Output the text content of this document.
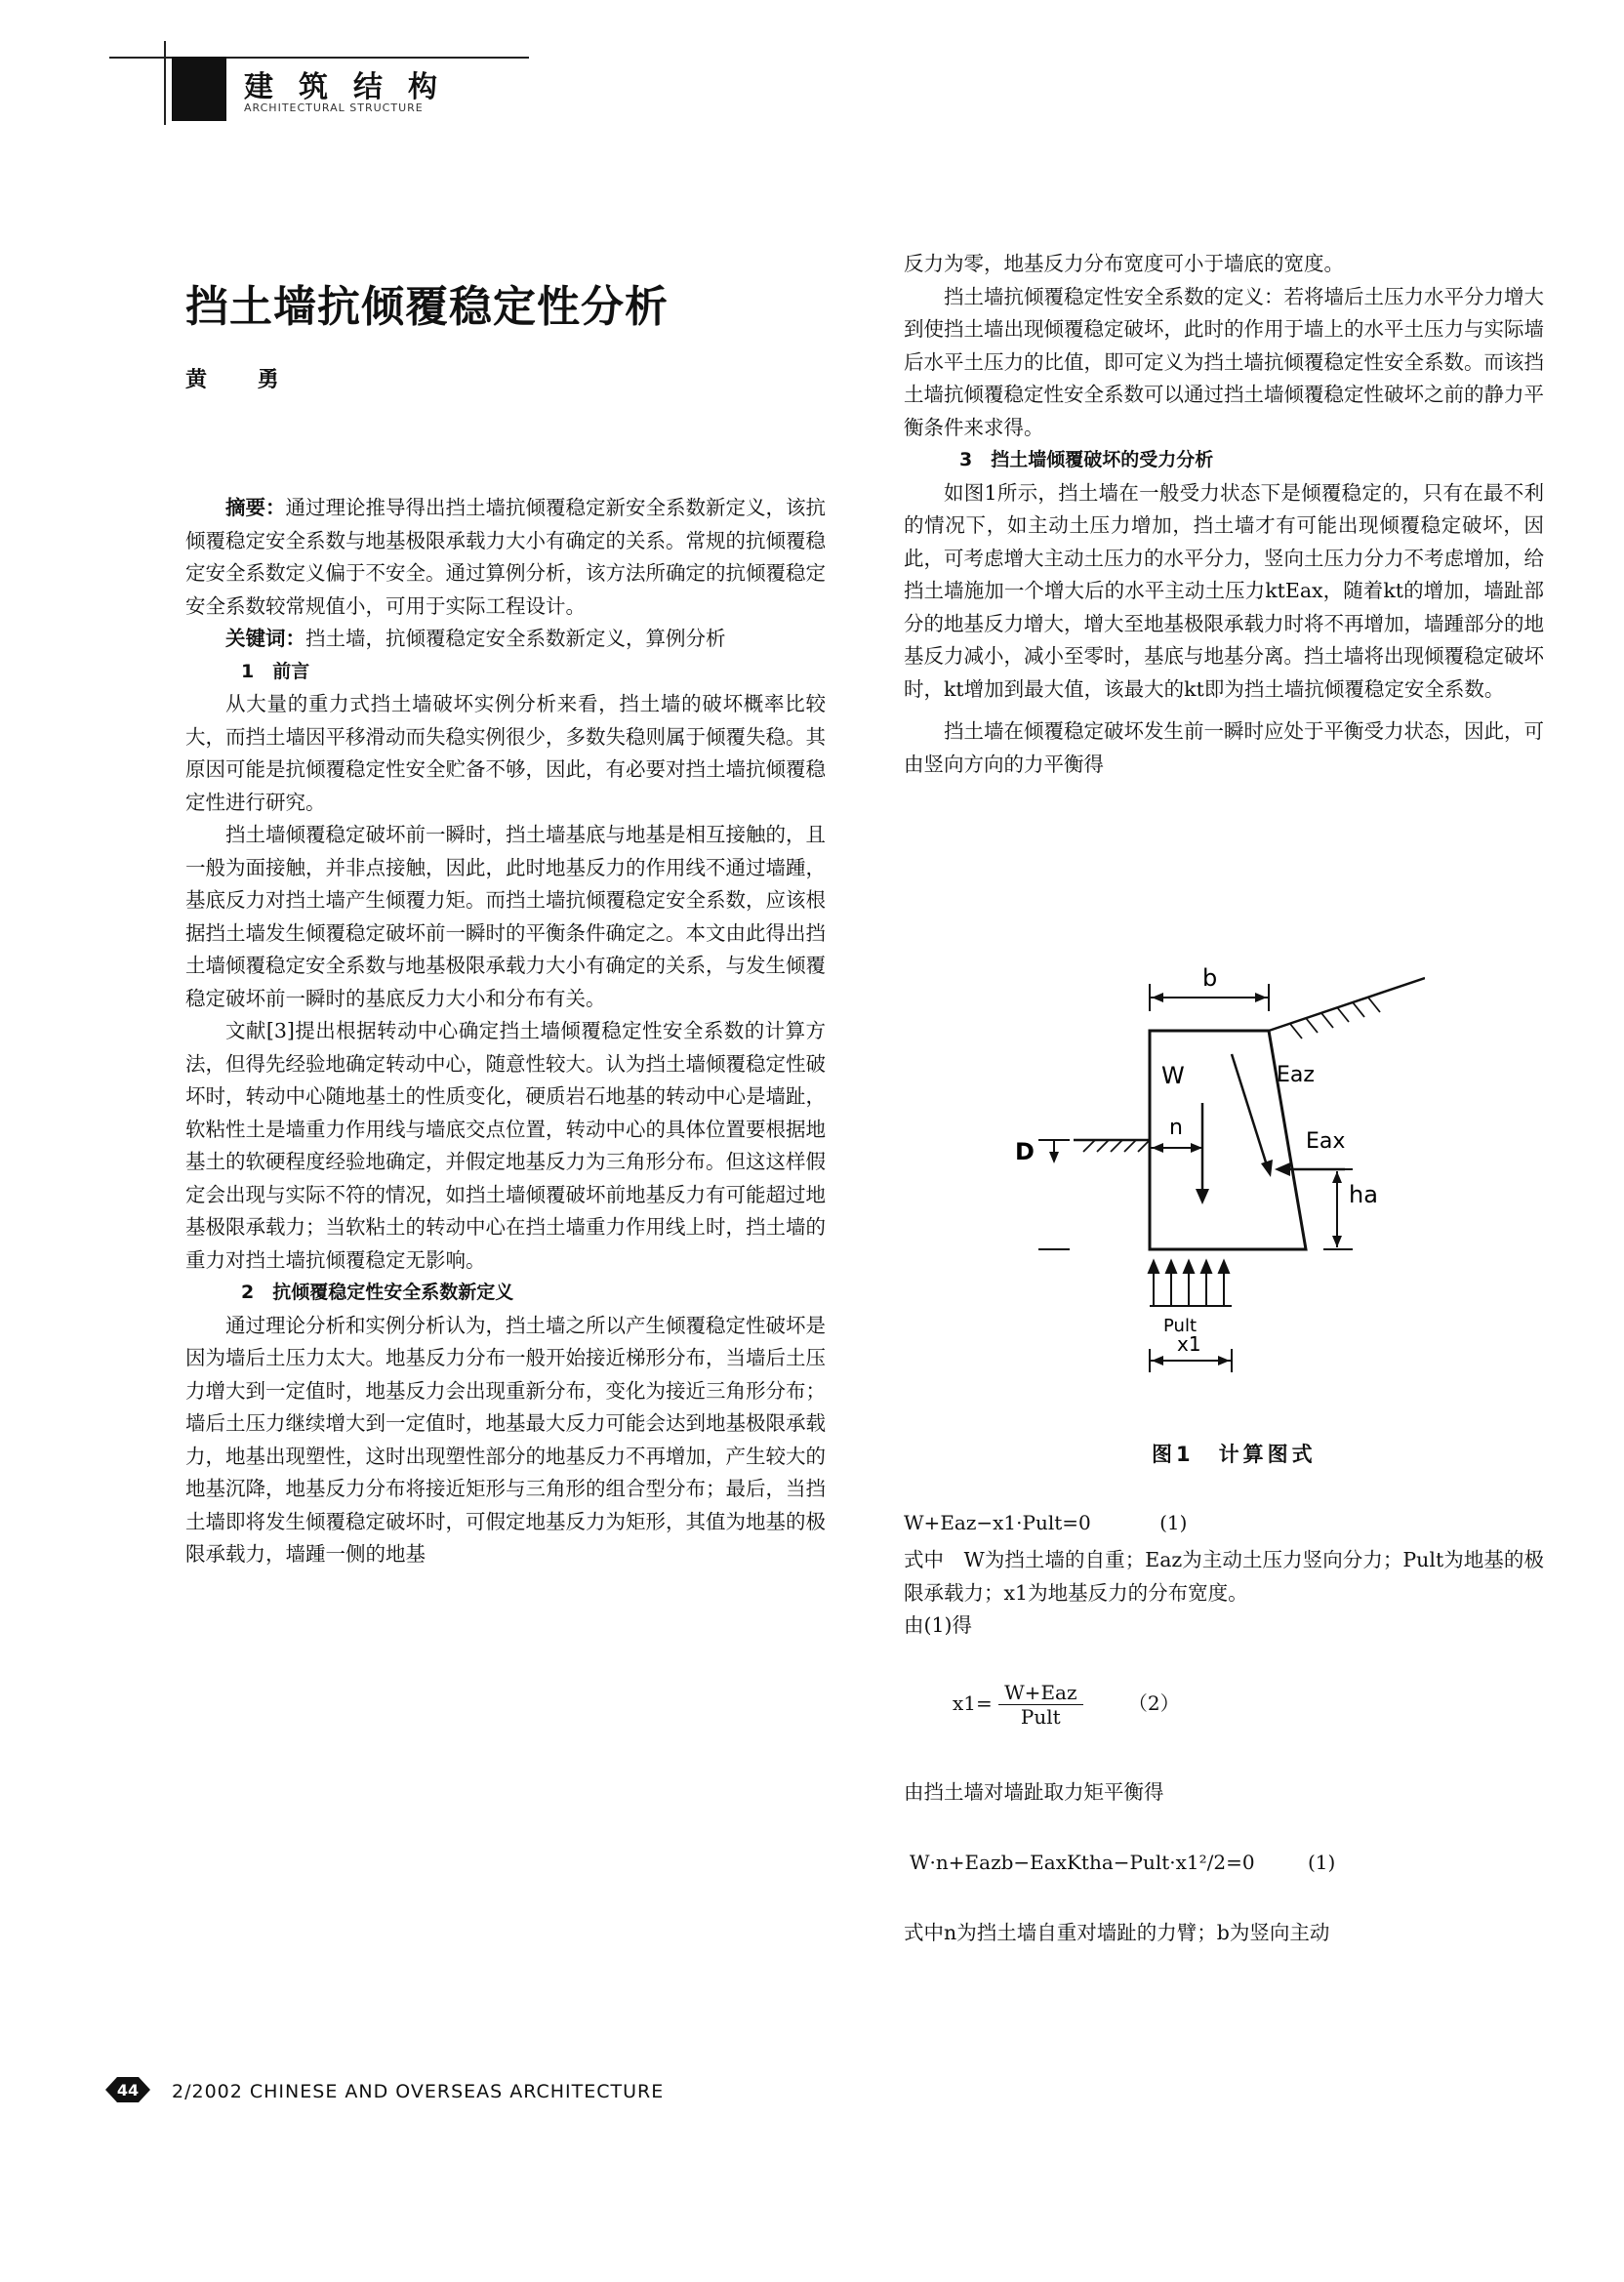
建筑结构
ARCHITECTURAL STRUCTURE
挡土墙抗倾覆稳定性分析
黄 勇

摘要：通过理论推导得出挡土墙抗倾覆稳定新安全系数新定义，该抗倾覆稳定安全系数与地基极限承载力大小有确定的关系。常规的抗倾覆稳定安全系数定义偏于不安全。通过算例分析，该方法所确定的抗倾覆稳定安全系数较常规值小，可用于实际工程设计。

关键词：挡土墙，抗倾覆稳定安全系数新定义，算例分析

1　前言

从大量的重力式挡土墙破坏实例分析来看，挡土墙的破坏概率比较大，而挡土墙因平移滑动而失稳实例很少，多数失稳则属于倾覆失稳。其原因可能是抗倾覆稳定性安全贮备不够，因此，有必要对挡土墙抗倾覆稳定性进行研究。

挡土墙倾覆稳定破坏前一瞬时，挡土墙基底与地基是相互接触的，且一般为面接触，并非点接触，因此，此时地基反力的作用线不通过墙踵，基底反力对挡土墙产生倾覆力矩。而挡土墙抗倾覆稳定安全系数，应该根据挡土墙发生倾覆稳定破坏前一瞬时的平衡条件确定之。本文由此得出挡土墙倾覆稳定安全系数与地基极限承载力大小有确定的关系，与发生倾覆稳定破坏前一瞬时的基底反力大小和分布有关。

文献[3]提出根据转动中心确定挡土墙倾覆稳定性安全系数的计算方法，但得先经验地确定转动中心，随意性较大。认为挡土墙倾覆稳定性破坏时，转动中心随地基土的性质变化，硬质岩石地基的转动中心是墙趾，软粘性土是墙重力作用线与墙底交点位置，转动中心的具体位置要根据地基土的软硬程度经验地确定，并假定地基反力为三角形分布。但这这样假定会出现与实际不符的情况，如挡土墙倾覆破坏前地基反力有可能超过地基极限承载力；当软粘土的转动中心在挡土墙重力作用线上时，挡土墙的重力对挡土墙抗倾覆稳定无影响。

2　抗倾覆稳定性安全系数新定义

通过理论分析和实例分析认为，挡土墙之所以产生倾覆稳定性破坏是因为墙后土压力太大。地基反力分布一般开始接近梯形分布，当墙后土压力增大到一定值时，地基反力会出现重新分布，变化为接近三角形分布；墙后土压力继续增大到一定值时，地基最大反力可能会达到地基极限承载力，地基出现塑性，这时出现塑性部分的地基反力不再增加，产生较大的地基沉降，地基反力分布将接近矩形与三角形的组合型分布；最后，当挡土墙即将发生倾覆稳定破坏时，可假定地基反力为矩形，其值为地基的极限承载力，墙踵一侧的地基

反力为零，地基反力分布宽度可小于墙底的宽度。

挡土墙抗倾覆稳定性安全系数的定义：若将墙后土压力水平分力增大到使挡土墙出现倾覆稳定破坏，此时的作用于墙上的水平土压力与实际墙后水平土压力的比值，即可定义为挡土墙抗倾覆稳定性安全系数。而该挡土墙抗倾覆稳定性安全系数可以通过挡土墙倾覆稳定性破坏之前的静力平衡条件来求得。

3　挡土墙倾覆破坏的受力分析

如图1所示，挡土墙在一般受力状态下是倾覆稳定的，只有在最不利的情况下，如主动土压力增加，挡土墙才有可能出现倾覆稳定破坏，因此，可考虑增大主动土压力的水平分力，竖向土压力分力不考虑增加，给挡土墙施加一个增大后的水平主动土压力ktEax，随着kt的增加，墙趾部分的地基反力增大，增大至地基极限承载力时将不再增加，墙踵部分的地基反力减小，减小至零时，基底与地基分离。挡土墙将出现倾覆稳定破坏时，kt增加到最大值，该最大的kt即为挡土墙抗倾覆稳定安全系数。

挡土墙在倾覆稳定破坏发生前一瞬时应处于平衡受力状态，因此，可由竖向方向的力平衡得

b
D
W
n
Eaz
Eax
ha
Pult
x1
图1　计算图式
W+Eaz−x1·Pult=0	(1)

式中　W为挡土墙的自重；Eaz为主动土压力竖向分力；Pult为地基的极限承载力；x1为地基反力的分布宽度。

由(1)得

$x1= \frac{\text{W+Eaz}}{\text{Pult}} (2)$

由挡土墙对墙趾取力矩平衡得

W·n+Eazb−EaxKtha−Pult·x1²/2=0	(1)

式中n为挡土墙自重对墙趾的力臂；b为竖向主动

44 2/2002 CHINESE AND OVERSEAS ARCHITECTURE
